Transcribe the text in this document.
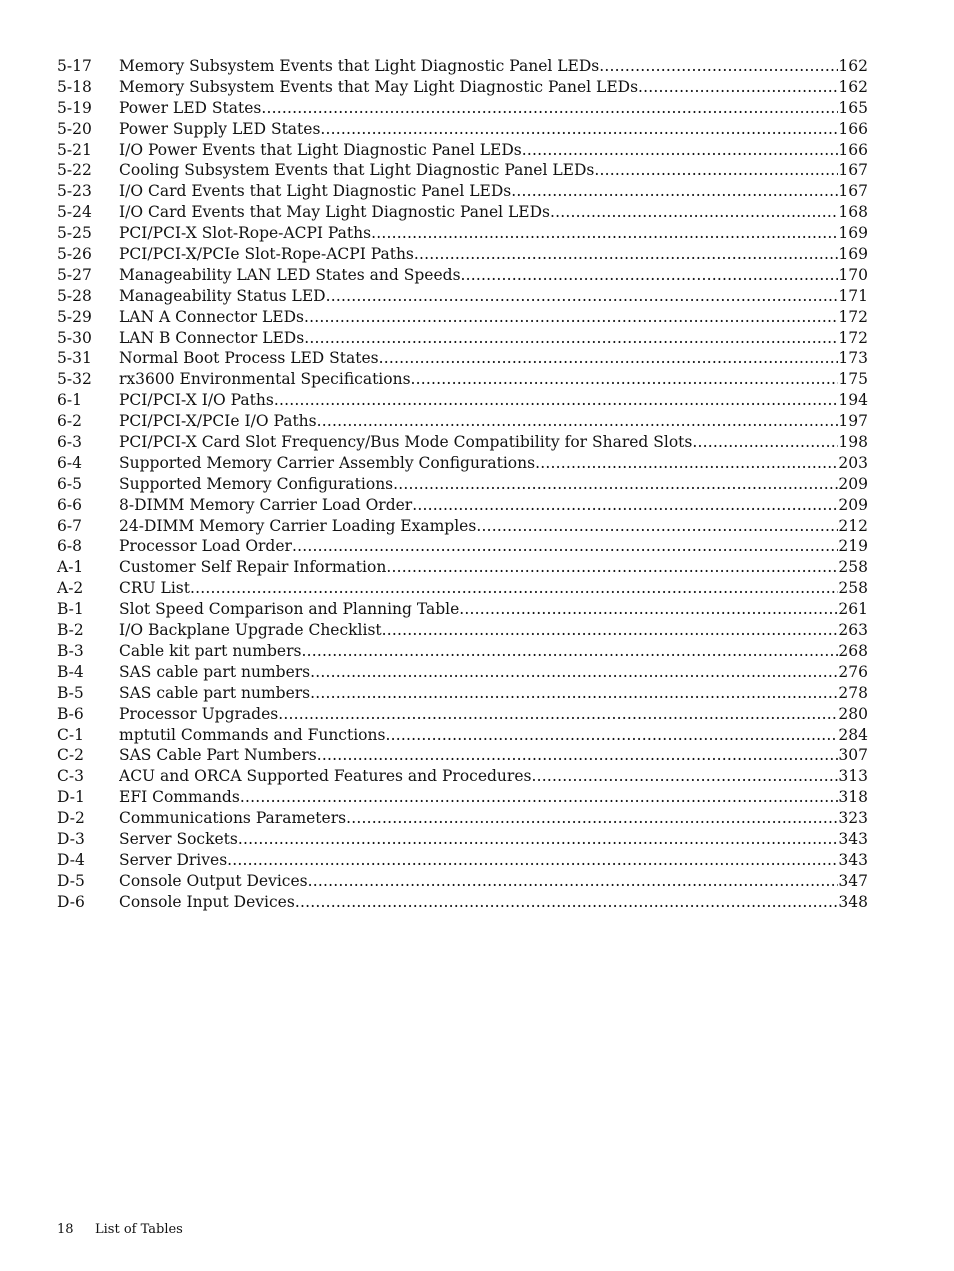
5-17	Memory Subsystem Events that Light Diagnostic Panel LEDs .....	162
5-18	Memory Subsystem Events that May Light Diagnostic Panel LEDs .....	162
5-19	Power LED States .....	165
5-20	Power Supply LED States .....	166
5-21	I/O Power Events that Light Diagnostic Panel LEDs .....	166
5-22	Cooling Subsystem Events that Light Diagnostic Panel LEDs .....	167
5-23	I/O Card Events that Light Diagnostic Panel LEDs .....	167
5-24	I/O Card Events that May Light Diagnostic Panel LEDs .....	168
5-25	PCI/PCI-X Slot-Rope-ACPI Paths .....	169
5-26	PCI/PCI-X/PCIe Slot-Rope-ACPI Paths .....	169
5-27	Manageability LAN LED States and Speeds .....	170
5-28	Manageability Status LED .....	171
5-29	LAN A Connector LEDs .....	172
5-30	LAN B Connector LEDs .....	172
5-31	Normal Boot Process LED States .....	173
5-32	rx3600 Environmental Specifications .....	175
6-1	PCI/PCI-X I/O Paths .....	194
6-2	PCI/PCI-X/PCIe I/O Paths .....	197
6-3	PCI/PCI-X Card Slot Frequency/Bus Mode Compatibility for Shared Slots .....	198
6-4	Supported Memory Carrier Assembly Configurations .....	203
6-5	Supported Memory Configurations .....	209
6-6	8-DIMM Memory Carrier Load Order .....	209
6-7	24-DIMM Memory Carrier Loading Examples .....	212
6-8	Processor Load Order .....	219
A-1	Customer Self Repair Information .....	258
A-2	CRU List .....	258
B-1	Slot Speed Comparison and Planning Table .....	261
B-2	I/O Backplane Upgrade Checklist .....	263
B-3	Cable kit part numbers .....	268
B-4	SAS cable part numbers .....	276
B-5	SAS cable part numbers .....	278
B-6	Processor Upgrades .....	280
C-1	mptutil Commands and Functions .....	284
C-2	SAS Cable Part Numbers .....	307
C-3	ACU and ORCA Supported Features and Procedures .....	313
D-1	EFI Commands .....	318
D-2	Communications Parameters .....	323
D-3	Server Sockets .....	343
D-4	Server Drives .....	343
D-5	Console Output Devices .....	347
D-6	Console Input Devices .....	348
18 List of Tables
